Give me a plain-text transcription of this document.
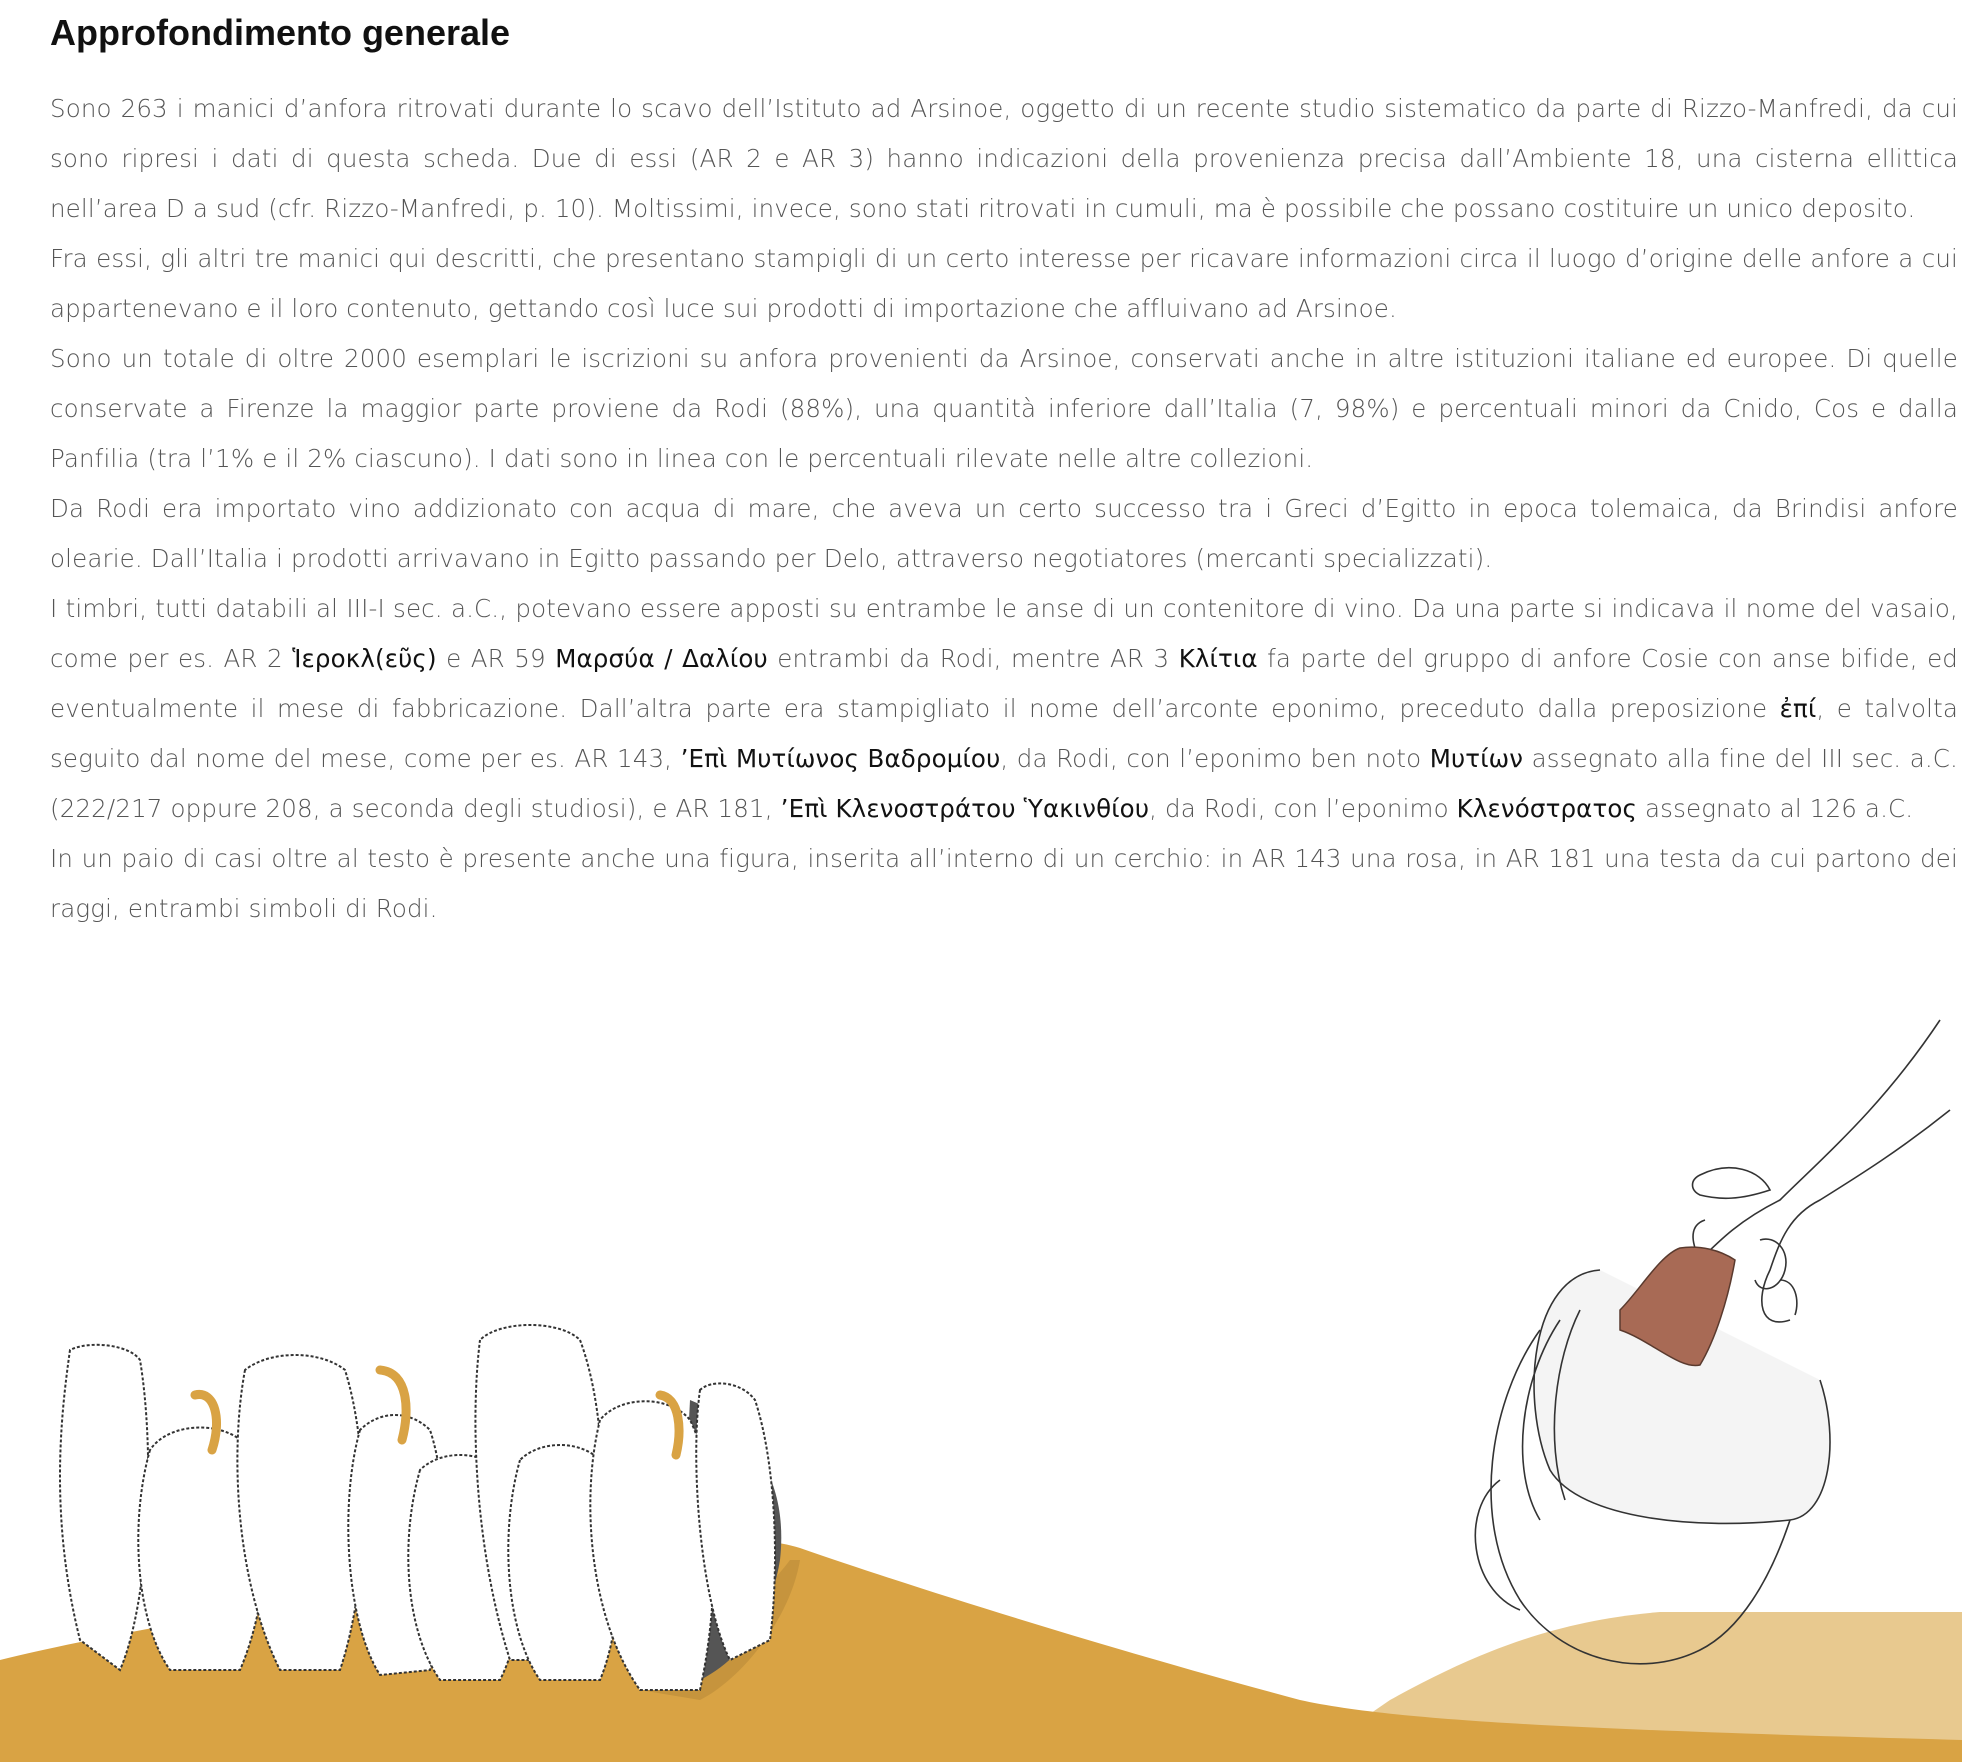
Approfondimento generale

Sono 263 i manici d’anfora ritrovati durante lo scavo dell’Istituto ad Arsinoe, oggetto di un recente studio sistematico da parte di Rizzo-Manfredi, da cui sono ripresi i dati di questa scheda. Due di essi (AR 2 e AR 3) hanno indicazioni della provenienza precisa dall’Ambiente 18, una cisterna ellittica nell’area D a sud (cfr. Rizzo-Manfredi, p. 10). Moltissimi, invece, sono stati ritrovati in cumuli, ma è possibile che possano costituire un unico deposito.

Fra essi, gli altri tre manici qui descritti, che presentano stampigli di un certo interesse per ricavare informazioni circa il luogo d’origine delle anfore a cui appartenevano e il loro contenuto, gettando così luce sui prodotti di importazione che affluivano ad Arsinoe.

Sono un totale di oltre 2000 esemplari le iscrizioni su anfora provenienti da Arsinoe, conservati anche in altre istituzioni italiane ed europee. Di quelle conservate a Firenze la maggior parte proviene da Rodi (88%), una quantità inferiore dall’Italia (7, 98%) e percentuali minori da Cnido, Cos e dalla Panfilia (tra l’1% e il 2% ciascuno). I dati sono in linea con le percentuali rilevate nelle altre collezioni.

Da Rodi era importato vino addizionato con acqua di mare, che aveva un certo successo tra i Greci d’Egitto in epoca tolemaica, da Brindisi anfore olearie. Dall’Italia i prodotti arrivavano in Egitto passando per Delo, attraverso negotiatores (mercanti specializzati).

I timbri, tutti databili al III-I sec. a.C., potevano essere apposti su entrambe le anse di un contenitore di vino. Da una parte si indicava il nome del vasaio, come per es. AR 2 Ἱεροκλ(εῦς) e AR 59 Μαρσύα / Δαλίου entrambi da Rodi, mentre AR 3 Κλίτια fa parte del gruppo di anfore Cosie con anse bifide, ed eventualmente il mese di fabbricazione. Dall’altra parte era stampigliato il nome dell’arconte eponimo, preceduto dalla preposizione ἐπί, e talvolta seguito dal nome del mese, come per es. AR 143, ’Επὶ Μυτίωνος Βαδρομίου, da Rodi, con l’eponimo ben noto Μυτίων assegnato alla fine del III sec. a.C. (222/217 oppure 208, a seconda degli studiosi), e AR 181, ’Επὶ Κλενοστράτου Ὑακινθίου, da Rodi, con l’eponimo Κλενόστρατος assegnato al 126 a.C.

In un paio di casi oltre al testo è presente anche una figura, inserita all’interno di un cerchio: in AR 143 una rosa, in AR 181 una testa da cui partono dei raggi, entrambi simboli di Rodi.
